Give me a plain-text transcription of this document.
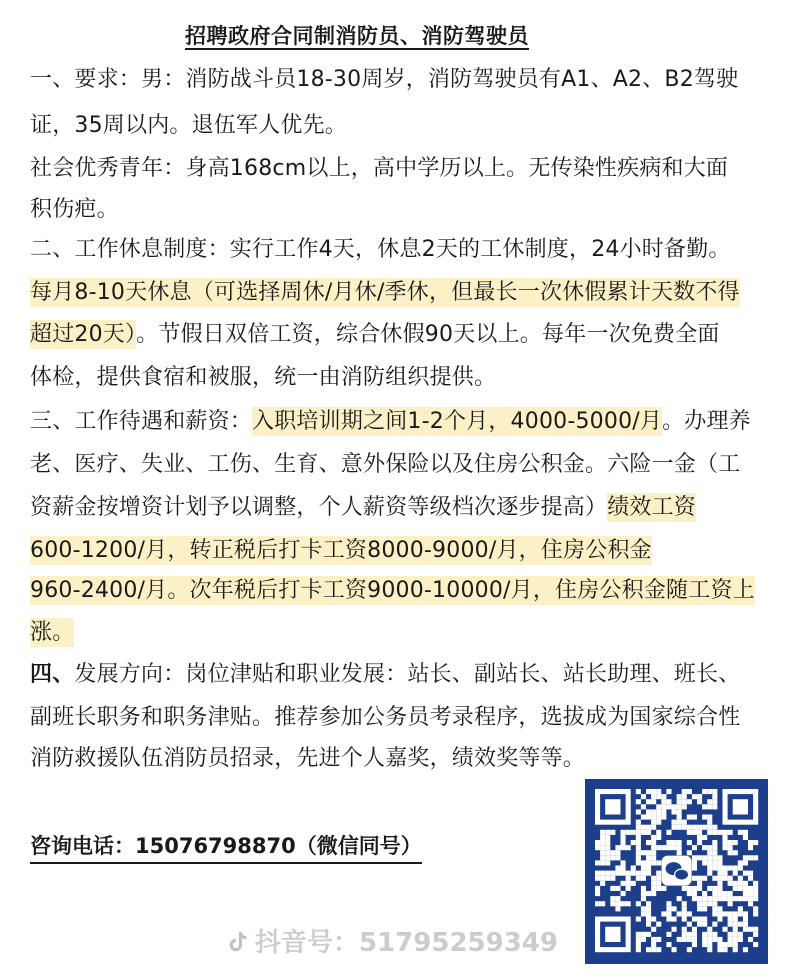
招聘政府合同制消防员、消防驾驶员
一、要求：男：消防战斗员18-30周岁，消防驾驶员有A1、A2、B2驾驶
证，35周以内。退伍军人优先。
社会优秀青年：身高168cm以上，高中学历以上。无传染性疾病和大面
积伤疤。
二、工作休息制度：实行工作4天，休息2天的工休制度，24小时备勤。
每月8-10天休息（可选择周休/月休/季休，但最长一次休假累计天数不得
超过20天）。节假日双倍工资，综合休假90天以上。每年一次免费全面
体检，提供食宿和被服，统一由消防组织提供。
三、工作待遇和薪资：入职培训期之间1-2个月，4000-5000/月。办理养
老、医疗、失业、工伤、生育、意外保险以及住房公积金。六险一金（工
资薪金按增资计划予以调整，个人薪资等级档次逐步提高）绩效工资
600-1200/月，转正税后打卡工资8000-9000/月，住房公积金
960-2400/月。次年税后打卡工资9000-10000/月，住房公积金随工资上
涨。
四、发展方向：岗位津贴和职业发展：站长、副站长、站长助理、班长、
副班长职务和职务津贴。推荐参加公务员考录程序，选拔成为国家综合性
消防救援队伍消防员招录，先进个人嘉奖，绩效奖等等。
咨询电话：15076798870（微信同号）
抖音号：51795259349
